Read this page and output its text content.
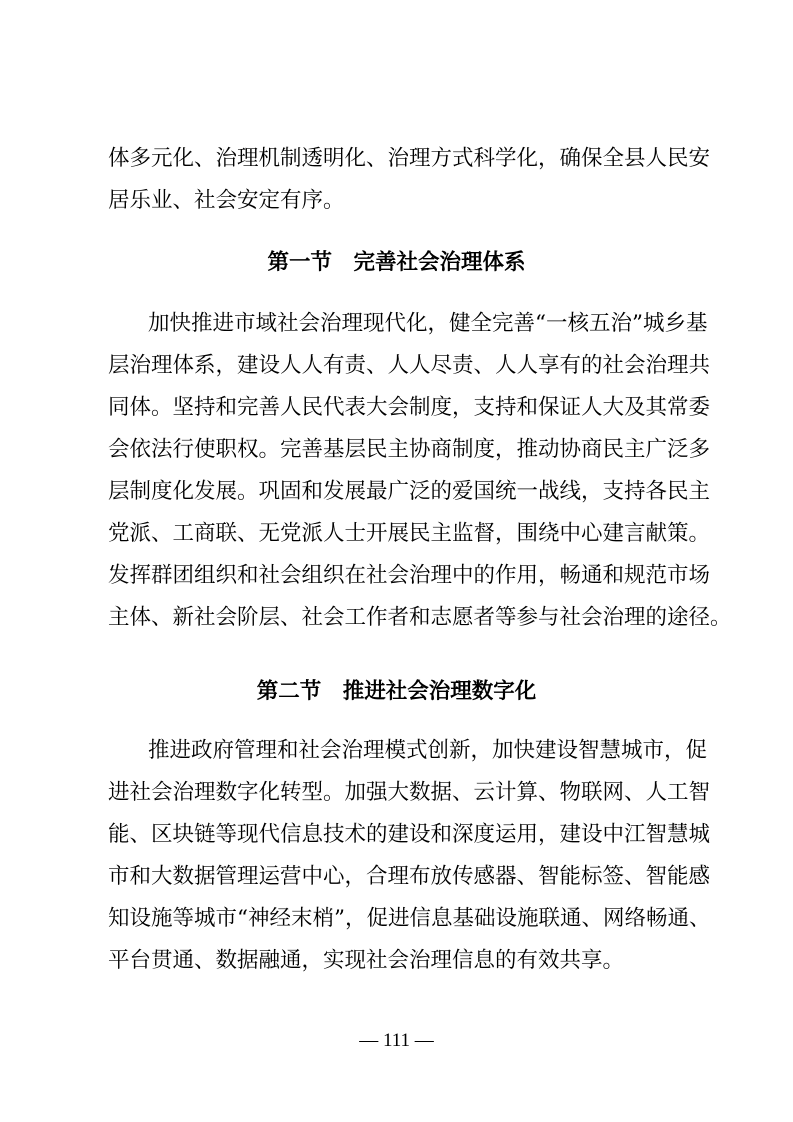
体多元化、治理机制透明化、治理方式科学化，确保全县人民安
居乐业、社会安定有序。
第一节　完善社会治理体系
加快推进市域社会治理现代化，健全完善“一核五治”城乡基
层治理体系，建设人人有责、人人尽责、人人享有的社会治理共
同体。坚持和完善人民代表大会制度，支持和保证人大及其常委
会依法行使职权。完善基层民主协商制度，推动协商民主广泛多
层制度化发展。巩固和发展最广泛的爱国统一战线，支持各民主
党派、工商联、无党派人士开展民主监督，围绕中心建言献策。
发挥群团组织和社会组织在社会治理中的作用，畅通和规范市场
主体、新社会阶层、社会工作者和志愿者等参与社会治理的途径。
第二节　推进社会治理数字化
推进政府管理和社会治理模式创新，加快建设智慧城市，促
进社会治理数字化转型。加强大数据、云计算、物联网、人工智
能、区块链等现代信息技术的建设和深度运用，建设中江智慧城
市和大数据管理运营中心，合理布放传感器、智能标签、智能感
知设施等城市“神经末梢”，促进信息基础设施联通、网络畅通、
平台贯通、数据融通，实现社会治理信息的有效共享。
— 111 —
